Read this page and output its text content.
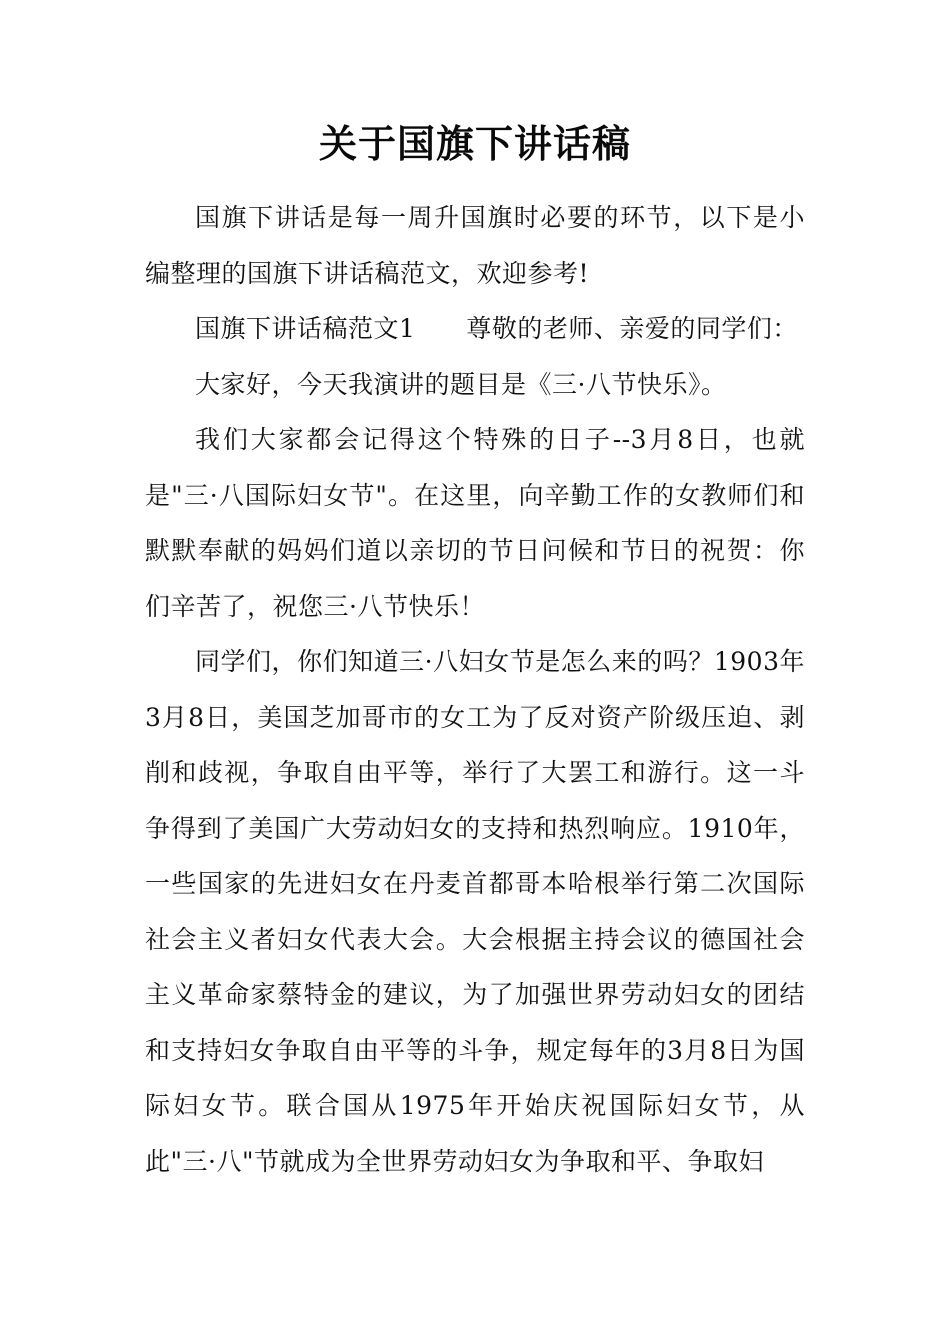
关于国旗下讲话稿

国旗下讲话是每一周升国旗时必要的环节，以下是小编整理的国旗下讲话稿范文，欢迎参考!

国旗下讲话稿范文1　　尊敬的老师、亲爱的同学们：

大家好，今天我演讲的题目是《三·八节快乐》。

我们大家都会记得这个特殊的日子--3月8日，也就是"三·八国际妇女节"。在这里，向辛勤工作的女教师们和默默奉献的妈妈们道以亲切的节日问候和节日的祝贺：你们辛苦了，祝您三·八节快乐！

同学们，你们知道三·八妇女节是怎么来的吗？1903年3月8日，美国芝加哥市的女工为了反对资产阶级压迫、剥削和歧视，争取自由平等，举行了大罢工和游行。这一斗争得到了美国广大劳动妇女的支持和热烈响应。1910年，一些国家的先进妇女在丹麦首都哥本哈根举行第二次国际社会主义者妇女代表大会。大会根据主持会议的德国社会主义革命家蔡特金的建议，为了加强世界劳动妇女的团结和支持妇女争取自由平等的斗争，规定每年的3月8日为国际妇女节。联合国从1975年开始庆祝国际妇女节，从此"三·八"节就成为全世界劳动妇女为争取和平、争取妇
